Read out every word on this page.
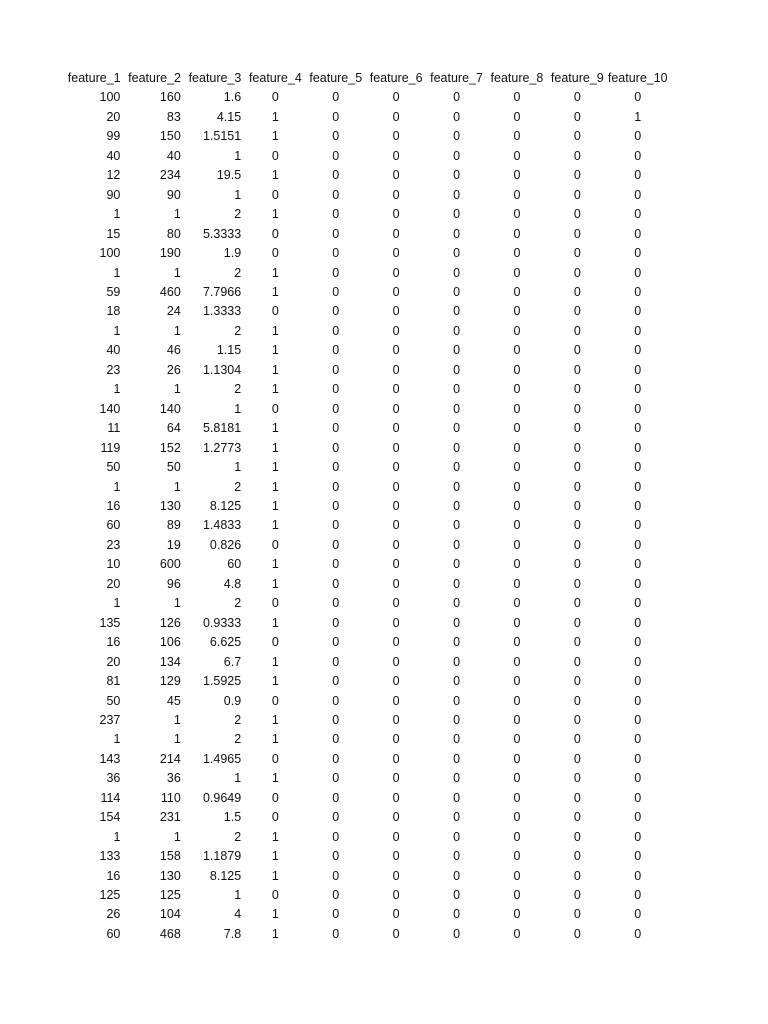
feature_1	feature_2	feature_3	feature_4	feature_5	feature_6	feature_7	feature_8	feature_9	feature_10
100	160	1.6	0	0	0	0	0	0	0
20	83	4.15	1	0	0	0	0	0	1
99	150	1.5151	1	0	0	0	0	0	0
40	40	1	0	0	0	0	0	0	0
12	234	19.5	1	0	0	0	0	0	0
90	90	1	0	0	0	0	0	0	0
1	1	2	1	0	0	0	0	0	0
15	80	5.3333	0	0	0	0	0	0	0
100	190	1.9	0	0	0	0	0	0	0
1	1	2	1	0	0	0	0	0	0
59	460	7.7966	1	0	0	0	0	0	0
18	24	1.3333	0	0	0	0	0	0	0
1	1	2	1	0	0	0	0	0	0
40	46	1.15	1	0	0	0	0	0	0
23	26	1.1304	1	0	0	0	0	0	0
1	1	2	1	0	0	0	0	0	0
140	140	1	0	0	0	0	0	0	0
11	64	5.8181	1	0	0	0	0	0	0
119	152	1.2773	1	0	0	0	0	0	0
50	50	1	1	0	0	0	0	0	0
1	1	2	1	0	0	0	0	0	0
16	130	8.125	1	0	0	0	0	0	0
60	89	1.4833	1	0	0	0	0	0	0
23	19	0.826	0	0	0	0	0	0	0
10	600	60	1	0	0	0	0	0	0
20	96	4.8	1	0	0	0	0	0	0
1	1	2	0	0	0	0	0	0	0
135	126	0.9333	1	0	0	0	0	0	0
16	106	6.625	0	0	0	0	0	0	0
20	134	6.7	1	0	0	0	0	0	0
81	129	1.5925	1	0	0	0	0	0	0
50	45	0.9	0	0	0	0	0	0	0
237	1	2	1	0	0	0	0	0	0
1	1	2	1	0	0	0	0	0	0
143	214	1.4965	0	0	0	0	0	0	0
36	36	1	1	0	0	0	0	0	0
114	110	0.9649	0	0	0	0	0	0	0
154	231	1.5	0	0	0	0	0	0	0
1	1	2	1	0	0	0	0	0	0
133	158	1.1879	1	0	0	0	0	0	0
16	130	8.125	1	0	0	0	0	0	0
125	125	1	0	0	0	0	0	0	0
26	104	4	1	0	0	0	0	0	0
60	468	7.8	1	0	0	0	0	0	0
